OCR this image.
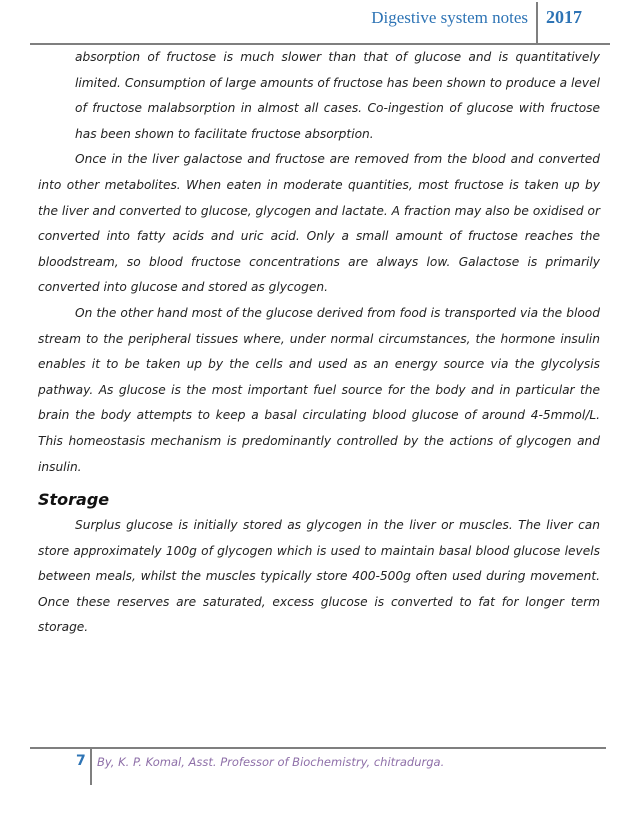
Digestive system notes 2017

absorption of fructose is much slower than that of glucose and is quantitatively limited. Consumption of large amounts of fructose has been shown to produce a level of fructose malabsorption in almost all cases. Co-ingestion of glucose with fructose has been shown to facilitate fructose absorption.

Once in the liver galactose and fructose are removed from the blood and converted into other metabolites. When eaten in moderate quantities, most fructose is taken up by the liver and converted to glucose, glycogen and lactate. A fraction may also be oxidised or converted into fatty acids and uric acid. Only a small amount of fructose reaches the bloodstream, so blood fructose concentrations are always low. Galactose is primarily converted into glucose and stored as glycogen.

On the other hand most of the glucose derived from food is transported via the blood stream to the peripheral tissues where, under normal circumstances, the hormone insulin enables it to be taken up by the cells and used as an energy source via the glycolysis pathway. As glucose is the most important fuel source for the body and in particular the brain the body attempts to keep a basal circulating blood glucose of around 4-5mmol/L. This homeostasis mechanism is predominantly controlled by the actions of glycogen and insulin.

Storage

Surplus glucose is initially stored as glycogen in the liver or muscles. The liver can store approximately 100g of glycogen which is used to maintain basal blood glucose levels between meals, whilst the muscles typically store 400-500g often used during movement. Once these reserves are saturated, excess glucose is converted to fat for longer term storage.

7 By, K. P. Komal, Asst. Professor of Biochemistry, chitradurga.
